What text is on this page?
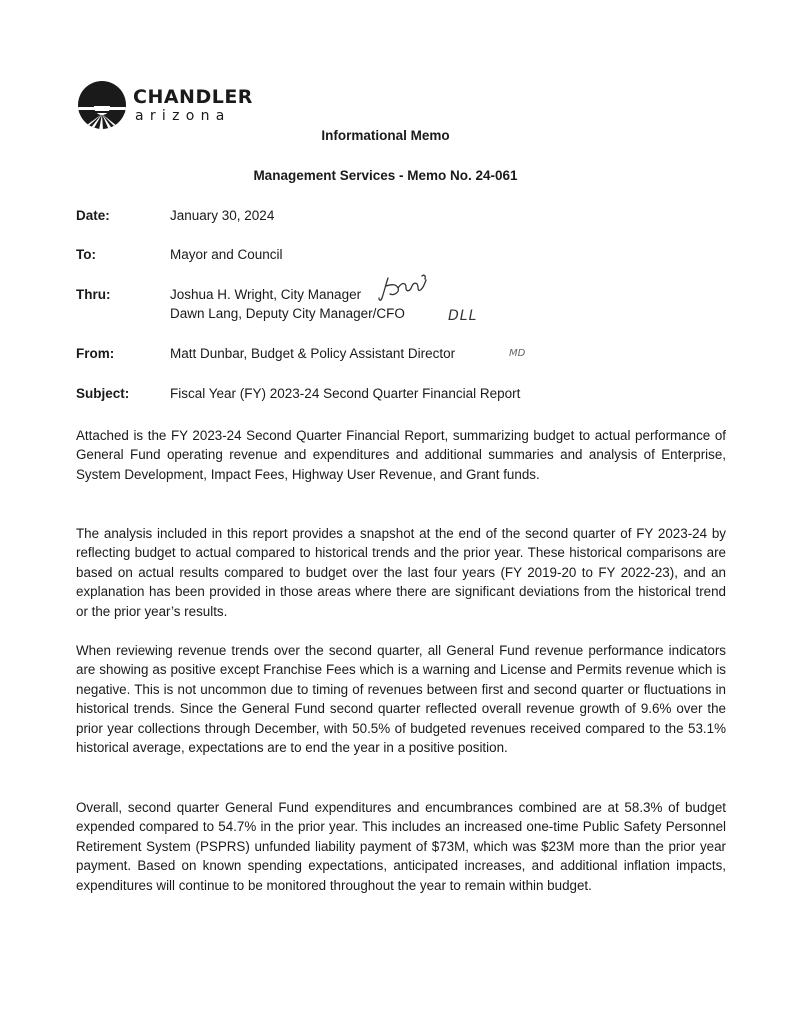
CHANDLER
arizona
Informational Memo
Management Services - Memo No. 24-061
Date:	January 30, 2024
To:	Mayor and Council
Thru:	Joshua H. Wright, City Manager
Dawn Lang, Deputy City Manager/CFO	DLL
From:	Matt Dunbar, Budget & Policy Assistant Director	MD
Subject:	Fiscal Year (FY) 2023-24 Second Quarter Financial Report

Attached is the FY 2023-24 Second Quarter Financial Report, summarizing budget to actual performance of General Fund operating revenue and expenditures and additional summaries and analysis of Enterprise, System Development, Impact Fees, Highway User Revenue, and Grant funds.

The analysis included in this report provides a snapshot at the end of the second quarter of FY 2023-24 by reflecting budget to actual compared to historical trends and the prior year. These historical comparisons are based on actual results compared to budget over the last four years (FY 2019-20 to FY 2022-23), and an explanation has been provided in those areas where there are significant deviations from the historical trend or the prior year’s results.

When reviewing revenue trends over the second quarter, all General Fund revenue performance indicators are showing as positive except Franchise Fees which is a warning and License and Permits revenue which is negative. This is not uncommon due to timing of revenues between first and second quarter or fluctuations in historical trends. Since the General Fund second quarter reflected overall revenue growth of 9.6% over the prior year collections through December, with 50.5% of budgeted revenues received compared to the 53.1% historical average, expectations are to end the year in a positive position.

Overall, second quarter General Fund expenditures and encumbrances combined are at 58.3% of budget expended compared to 54.7% in the prior year. This includes an increased one-time Public Safety Personnel Retirement System (PSPRS) unfunded liability payment of $73M, which was $23M more than the prior year payment. Based on known spending expectations, anticipated increases, and additional inflation impacts, expenditures will continue to be monitored throughout the year to remain within budget.
